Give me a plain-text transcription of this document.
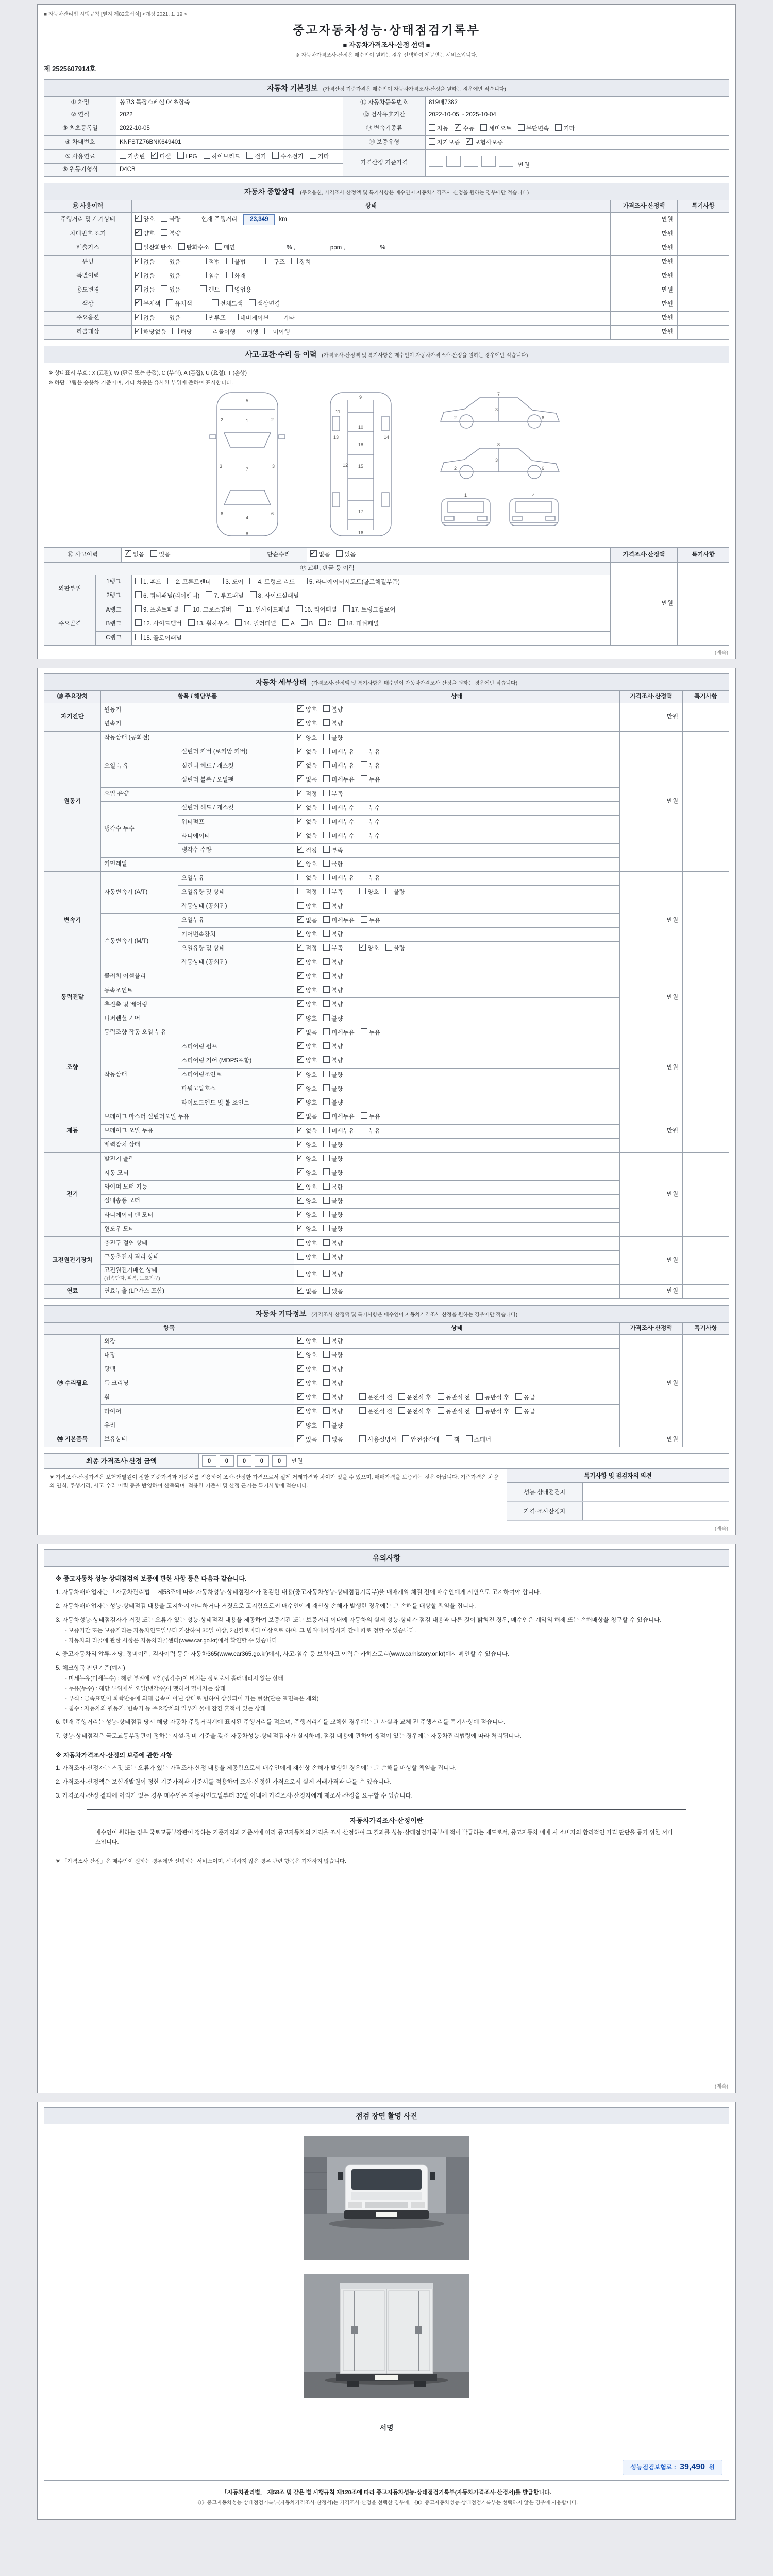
■ 자동차관리법 시행규칙 [별지 제82호서식] <개정 2021. 1. 19.>
중고자동차성능·상태점검기록부
■ 자동차가격조사·산정 선택 ■
※ 자동차가격조사·산정은 매수인이 원하는 경우 선택하여 제공받는 서비스입니다.
제 2525607914호
자동차 기본정보 (가격산정 기준가격은 매수인이 자동차가격조사·산정을 원하는 경우에만 적습니다)
① 차명	봉고3 특장스페셜 04초장축	⑪ 자동차등록번호	819배7382
② 연식	2022	⑫ 검사유효기간	2022-10-05 ~ 2025-10-04
③ 최초등록일	2022-10-05	⑬ 변속기종류	자동 ✓ 수동 세미오토 무단변속 기타
④ 차대번호	KNFSTZ76BNK649401	⑭ 보증유형	자가보증 ✓ 보험사보증
⑤ 사용연료	가솔린 ✓ 디젤 LPG 하이브리드 전기 수소전기 기타	가격산정 기준가격	만원
⑥ 원동기형식	D4CB		
자동차 종합상태 (주요옵션, 가격조사·산정액 및 특기사항은 매수인이 자동차가격조사·산정을 원하는 경우에만 적습니다)
⑮ 사용이력	상태	가격조사·산정액	특기사항
주행거리 및 계기상태	✓양호 불량 현재 주행거리 23,349 km	만원	
차대번호 표기	✓양호 불량	만원	
배출가스	일산화탄소 탄화수소 매연 % , ppm , %	만원	
튜닝	✓없음 있음 적법 불법 구조 장치	만원	
특별이력	✓없음 있음 침수 화재	만원	
용도변경	✓없음 있음 렌트 영업용	만원	
색상	✓무채색 유채색 전체도색 색상변경	만원	
주요옵션	✓없음 있음 썬루프 네비게이션 기타	만원	
리콜대상	✓해당없음 해당 리콜이행 이행 미이행	만원	
사고·교환·수리 등 이력 (가격조사·산정액 및 특기사항은 매수인이 자동차가격조사·산정을 원하는 경우에만 적습니다)
※ 상태표시 부호 : X (교환), W (판금 또는 용접), C (부식), A (흠집), U (요철), T (손상)
※ 하단 그림은 승용차 기준이며, 기타 차종은 유사한 부위에 준하여 표시합니다.
5
1
7
4
2	2
3	3
6	6
8
9
10
11
12
13	14
15
16
17
18
2
3
6
7
2
3
6
8
1	4
⑯ 사고이력	✓없음 있음	단순수리	✓없음 있음	가격조사·산정액	특기사항
⑰ 교환, 판금 등 이력			만원	
외판부위	1랭크	1. 후드 2. 프론트펜더 3. 도어 4. 트렁크 리드 5. 라디에이터서포트(볼트체결부품)		
	2랭크	6. 쿼터패널(리어펜더) 7. 루프패널 8. 사이드실패널		
주요골격	A랭크	9. 프론트패널 10. 크로스멤버 11. 인사이드패널 16. 리어패널 17. 트렁크플로어		
	B랭크	12. 사이드멤버 13. 휠하우스 14. 필러패널 A B C 18. 대쉬패널		
	C랭크	15. 플로어패널		
(계속)
자동차 세부상태 (가격조사·산정액 및 특기사항은 매수인이 자동차가격조사·산정을 원하는 경우에만 적습니다)
⑱ 주요장치	항목 / 해당부품		상태	가격조사·산정액	특기사항
자기진단	원동기	✓양호 불량	만원	
	변속기	✓양호 불량
원동기	작동상태 (공회전)	✓양호 불량	만원	
	오일 누유	실린더 커버 (로커암 커버)	✓없음 미세누유 누유
		실린더 헤드 / 개스킷	✓없음 미세누유 누유
		실린더 블록 / 오일팬	✓없음 미세누유 누유
	오일 유량	✓적정 부족
	냉각수 누수	실린더 헤드 / 개스킷	✓없음 미세누수 누수
		워터펌프	✓없음 미세누수 누수
		라디에이터	✓없음 미세누수 누수
		냉각수 수량	✓적정 부족
	커먼레일	✓양호 불량
변속기	자동변속기 (A/T)	오일누유	없음 미세누유 누유	만원	
		오일유량 및 상태	적정 부족 양호 불량		
		작동상태 (공회전)	양호 불량		
	수동변속기 (M/T)	오일누유	✓없음 미세누유 누유
		기어변속장치	✓양호 불량
		오일유량 및 상태	✓적정 부족 ✓ 양호 불량
		작동상태 (공회전)	✓양호 불량
동력전달	클러치 어셈블리	✓양호 불량	만원	
	등속조인트	✓양호 불량
	추진축 및 베어링	✓양호 불량
	디퍼렌셜 기어	✓양호 불량
조향	동력조향 작동 오일 누유	✓없음 미세누유 누유	만원	
	작동상태	스티어링 펌프	✓양호 불량
		스티어링 기어 (MDPS포함)	✓양호 불량
		스티어링조인트	✓양호 불량
		파워고압호스	✓양호 불량
		타이로드엔드 및 볼 조인트	✓양호 불량
제동	브레이크 마스터 실린더오일 누유	✓없음 미세누유 누유	만원	
	브레이크 오일 누유	✓없음 미세누유 누유
	배력장치 상태	✓양호 불량
전기	발전기 출력	✓양호 불량	만원	
	시동 모터	✓양호 불량
	와이퍼 모터 기능	✓양호 불량
	실내송풍 모터	✓양호 불량
	라디에이터 팬 모터	✓양호 불량
	윈도우 모터	✓양호 불량
고전원전기장치	충전구 절연 상태		양호 불량	만원	
	구동축전지 격리 상태		양호 불량		
	고전원전기배선 상태
(접속단자, 피복, 보호기구)		양호 불량		
연료	연료누출 (LP가스 포함)	✓없음 있음	만원	
자동차 기타정보 (가격조사·산정액 및 특기사항은 매수인이 자동차가격조사·산정을 원하는 경우에만 적습니다)
항목		상태	가격조사·산정액	특기사항
⑲ 수리필요	외장	✓양호 불량	만원	
	내장	✓양호 불량
	광택	✓양호 불량
	룸 크리닝	✓양호 불량
	휠	✓양호 불량 운전석 전 운전석 후 동반석 전 동반석 후 응급
	타이어	✓양호 불량 운전석 전 운전석 후 동반석 전 동반석 후 응급
	유리	✓양호 불량
⑳ 기본품목	보유상태	✓있음 없음 사용설명서 안전삼각대 잭 스패너	만원	
최종 가격조사·산정 금액	0 0 0 0 0 만원
※ 가격조사·산정가격은 보험개발원이 정한 기준가격과 기준서를 적용하여 조사·산정한 가격으로서 실제 거래가격과 차이가 있을 수 있으며, 매매가격을 보증하는 것은 아닙니다. 기준가격은 차량의 연식, 주행거리, 사고·수리 이력 등을 반영하여 산출되며, 적용한 기준서 및 산정 근거는 특기사항에 적습니다.
특기사항 및 점검자의 의견
성능·상태점검자	
가격·조사산정자	
(계속)
유의사항
※ 중고자동차 성능·상태점검의 보증에 관한 사항 등은 다음과 같습니다.
1. 자동차매매업자는 「자동차관리법」 제58조에 따라 자동차성능·상태점검자가 점검한 내용(중고자동차성능·상태점검기록부)을 매매계약 체결 전에 매수인에게 서면으로 고지하여야 합니다.
2. 자동차매매업자는 성능·상태점검 내용을 고지하지 아니하거나 거짓으로 고지함으로써 매수인에게 재산상 손해가 발생한 경우에는 그 손해를 배상할 책임을 집니다.
3. 자동차성능·상태점검자가 거짓 또는 오류가 있는 성능·상태점검 내용을 제공하여 보증기간 또는 보증거리 이내에 자동차의 실제 성능·상태가 점검 내용과 다른 것이 밝혀진 경우, 매수인은 계약의 해제 또는 손해배상을 청구할 수 있습니다.
- 보증기간 또는 보증거리는 자동차인도일부터 기산하여 30일 이상, 2천킬로미터 이상으로 하며, 그 범위에서 당사자 간에 따로 정할 수 있습니다.
- 자동차의 리콜에 관한 사항은 자동차리콜센터(www.car.go.kr)에서 확인할 수 있습니다.
4. 중고자동차의 압류·저당, 정비이력, 검사이력 등은 자동차365(www.car365.go.kr)에서, 사고·침수 등 보험사고 이력은 카히스토리(www.carhistory.or.kr)에서 확인할 수 있습니다.
5. 체크항목 판단기준(예시)
- 미세누유(미세누수) : 해당 부위에 오일(냉각수)이 비치는 정도로서 흘러내리지 않는 상태
- 누유(누수) : 해당 부위에서 오일(냉각수)이 맺혀서 떨어지는 상태
- 부식 : 금속표면이 화학반응에 의해 금속이 아닌 상태로 변하여 상실되어 가는 현상(단순 표면녹은 제외)
- 침수 : 자동차의 원동기, 변속기 등 주요장치의 일부가 물에 잠긴 흔적이 있는 상태
6. 현재 주행거리는 성능·상태점검 당시 해당 자동차 주행거리계에 표시된 주행거리를 적으며, 주행거리계를 교체한 경우에는 그 사실과 교체 전 주행거리를 특기사항에 적습니다.
7. 성능·상태점검은 국토교통부장관이 정하는 시설·장비 기준을 갖춘 자동차성능·상태점검자가 실시하며, 점검 내용에 관하여 쟁점이 있는 경우에는 자동차관리법령에 따라 처리됩니다.
※ 자동차가격조사·산정의 보증에 관한 사항
1. 가격조사·산정자는 거짓 또는 오류가 있는 가격조사·산정 내용을 제공함으로써 매수인에게 재산상 손해가 발생한 경우에는 그 손해를 배상할 책임을 집니다.
2. 가격조사·산정액은 보험개발원이 정한 기준가격과 기준서를 적용하여 조사·산정한 가격으로서 실제 거래가격과 다를 수 있습니다.
3. 가격조사·산정 결과에 이의가 있는 경우 매수인은 자동차인도일부터 30일 이내에 가격조사·산정자에게 재조사·산정을 요구할 수 있습니다.
자동차가격조사·산정이란
매수인이 원하는 경우 국토교통부장관이 정하는 기준가격과 기준서에 따라 중고자동차의 가격을 조사·산정하여 그 결과를 성능·상태점검기록부에 적어 발급하는 제도로서, 중고자동차 매매 시 소비자의 합리적인 가격 판단을 돕기 위한 서비스입니다.
※ 「가격조사·산정」은 매수인이 원하는 경우에만 선택하는 서비스이며, 선택하지 않은 경우 관련 항목은 기재하지 않습니다.
(계속)
점검 장면 촬영 사진
서명
성능점검보험료 : 39,490 원
「자동차관리법」 제58조 및 같은 법 시행규칙 제120조에 따라 중고자동차성능·상태점검기록부(자동차가격조사·산정서)를 발급합니다.
《Ⅰ》중고자동차성능·상태점검기록부(자동차가격조사·산정서)는 가격조사·산정을 선택한 경우에, 《Ⅱ》중고자동차성능·상태점검기록부는 선택하지 않은 경우에 사용합니다.
